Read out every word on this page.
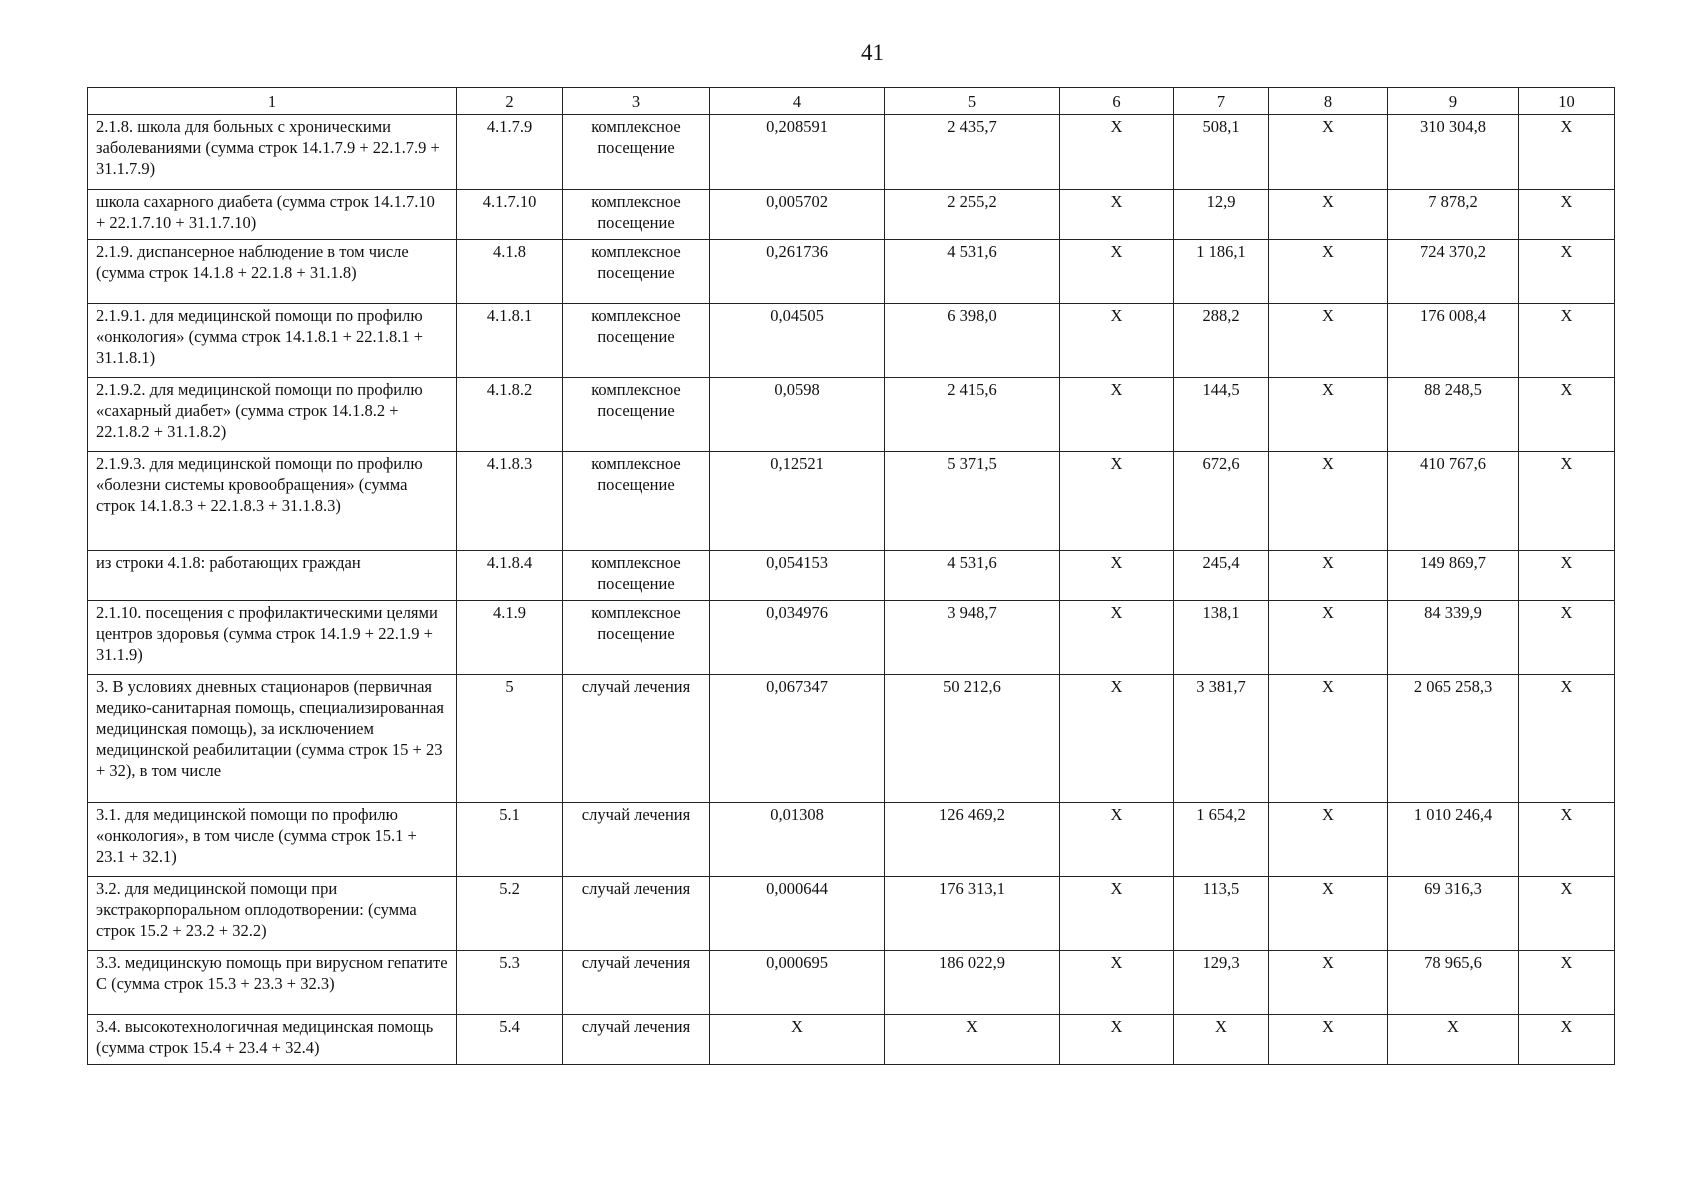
41
1	2	3	4	5	6	7	8	9	10
2.1.8. школа для больных с хроническими заболеваниями (сумма строк 14.1.7.9 + 22.1.7.9 + 31.1.7.9)	4.1.7.9	комплексное посещение	0,208591	2 435,7	Х	508,1	Х	310 304,8	Х
школа сахарного диабета (сумма строк 14.1.7.10 + 22.1.7.10 + 31.1.7.10)	4.1.7.10	комплексное посещение	0,005702	2 255,2	Х	12,9	Х	7 878,2	Х
2.1.9. диспансерное наблюдение в том числе (сумма строк 14.1.8 + 22.1.8 + 31.1.8)	4.1.8	комплексное посещение	0,261736	4 531,6	Х	1 186,1	Х	724 370,2	Х
2.1.9.1. для медицинской помощи по профилю «онкология» (сумма строк 14.1.8.1 + 22.1.8.1 + 31.1.8.1)	4.1.8.1	комплексное посещение	0,04505	6 398,0	Х	288,2	Х	176 008,4	Х
2.1.9.2. для медицинской помощи по профилю «сахарный диабет» (сумма строк 14.1.8.2 + 22.1.8.2 + 31.1.8.2)	4.1.8.2	комплексное посещение	0,0598	2 415,6	Х	144,5	Х	88 248,5	Х
2.1.9.3. для медицинской помощи по профилю «болезни системы кровообращения» (сумма строк 14.1.8.3 + 22.1.8.3 + 31.1.8.3)	4.1.8.3	комплексное посещение	0,12521	5 371,5	Х	672,6	Х	410 767,6	Х
из строки 4.1.8: работающих граждан	4.1.8.4	комплексное посещение	0,054153	4 531,6	Х	245,4	Х	149 869,7	Х
2.1.10. посещения с профилактическими целями центров здоровья (сумма строк 14.1.9 + 22.1.9 + 31.1.9)	4.1.9	комплексное посещение	0,034976	3 948,7	Х	138,1	Х	84 339,9	Х
3. В условиях дневных стационаров (первичная медико-санитарная помощь, специализированная медицинская помощь), за исключением медицинской реабилитации (сумма строк 15 + 23 + 32), в том числе	5	случай лечения	0,067347	50 212,6	Х	3 381,7	Х	2 065 258,3	Х
3.1. для медицинской помощи по профилю «онкология», в том числе (сумма строк 15.1 + 23.1 + 32.1)	5.1	случай лечения	0,01308	126 469,2	Х	1 654,2	Х	1 010 246,4	Х
3.2. для медицинской помощи при экстракорпоральном оплодотворении: (сумма строк 15.2 + 23.2 + 32.2)	5.2	случай лечения	0,000644	176 313,1	Х	113,5	Х	69 316,3	Х
3.3. медицинскую помощь при вирусном гепатите С (сумма строк 15.3 + 23.3 + 32.3)	5.3	случай лечения	0,000695	186 022,9	Х	129,3	Х	78 965,6	Х
3.4. высокотехнологичная медицинская помощь (сумма строк 15.4 + 23.4 + 32.4)	5.4	случай лечения	Х	Х	Х	Х	Х	Х	Х
